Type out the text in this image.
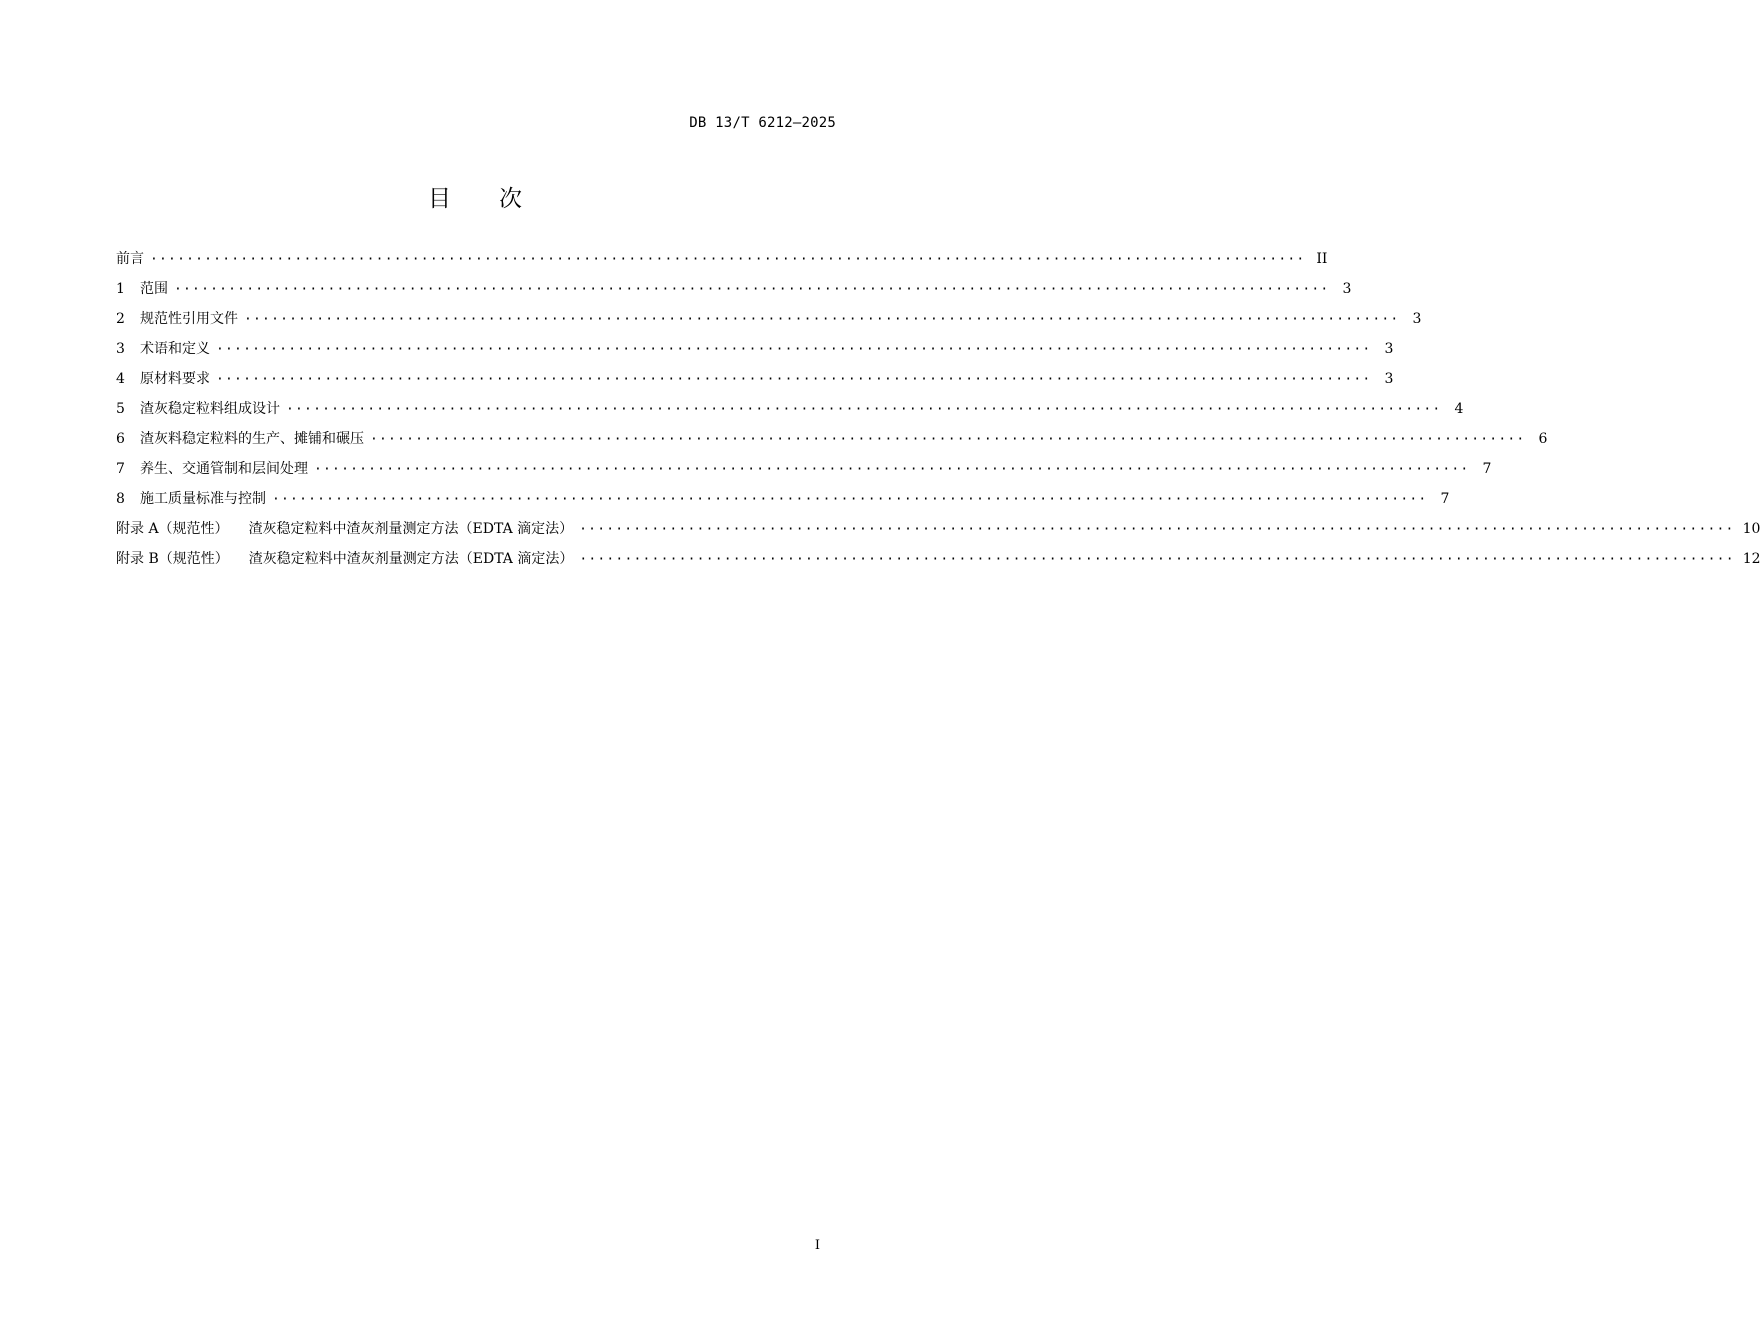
DB 13/T 6212—2025
目次
前言 ································································································································ II
1 范围 ································································································································ 3
2 规范性引用文件 ································································································································ 3
3 术语和定义 ································································································································ 3
4 原材料要求 ································································································································ 3
5 渣灰稳定粒料组成设计 ································································································································ 4
6 渣灰料稳定粒料的生产、摊铺和碾压 ································································································································ 6
7 养生、交通管制和层间处理 ································································································································ 7
8 施工质量标准与控制 ································································································································ 7
附录 A（规范性） 渣灰稳定粒料中渣灰剂量测定方法（EDTA 滴定法） ································································································································ 10
附录 B（规范性） 渣灰稳定粒料中渣灰剂量测定方法（EDTA 滴定法） ································································································································ 12
I
